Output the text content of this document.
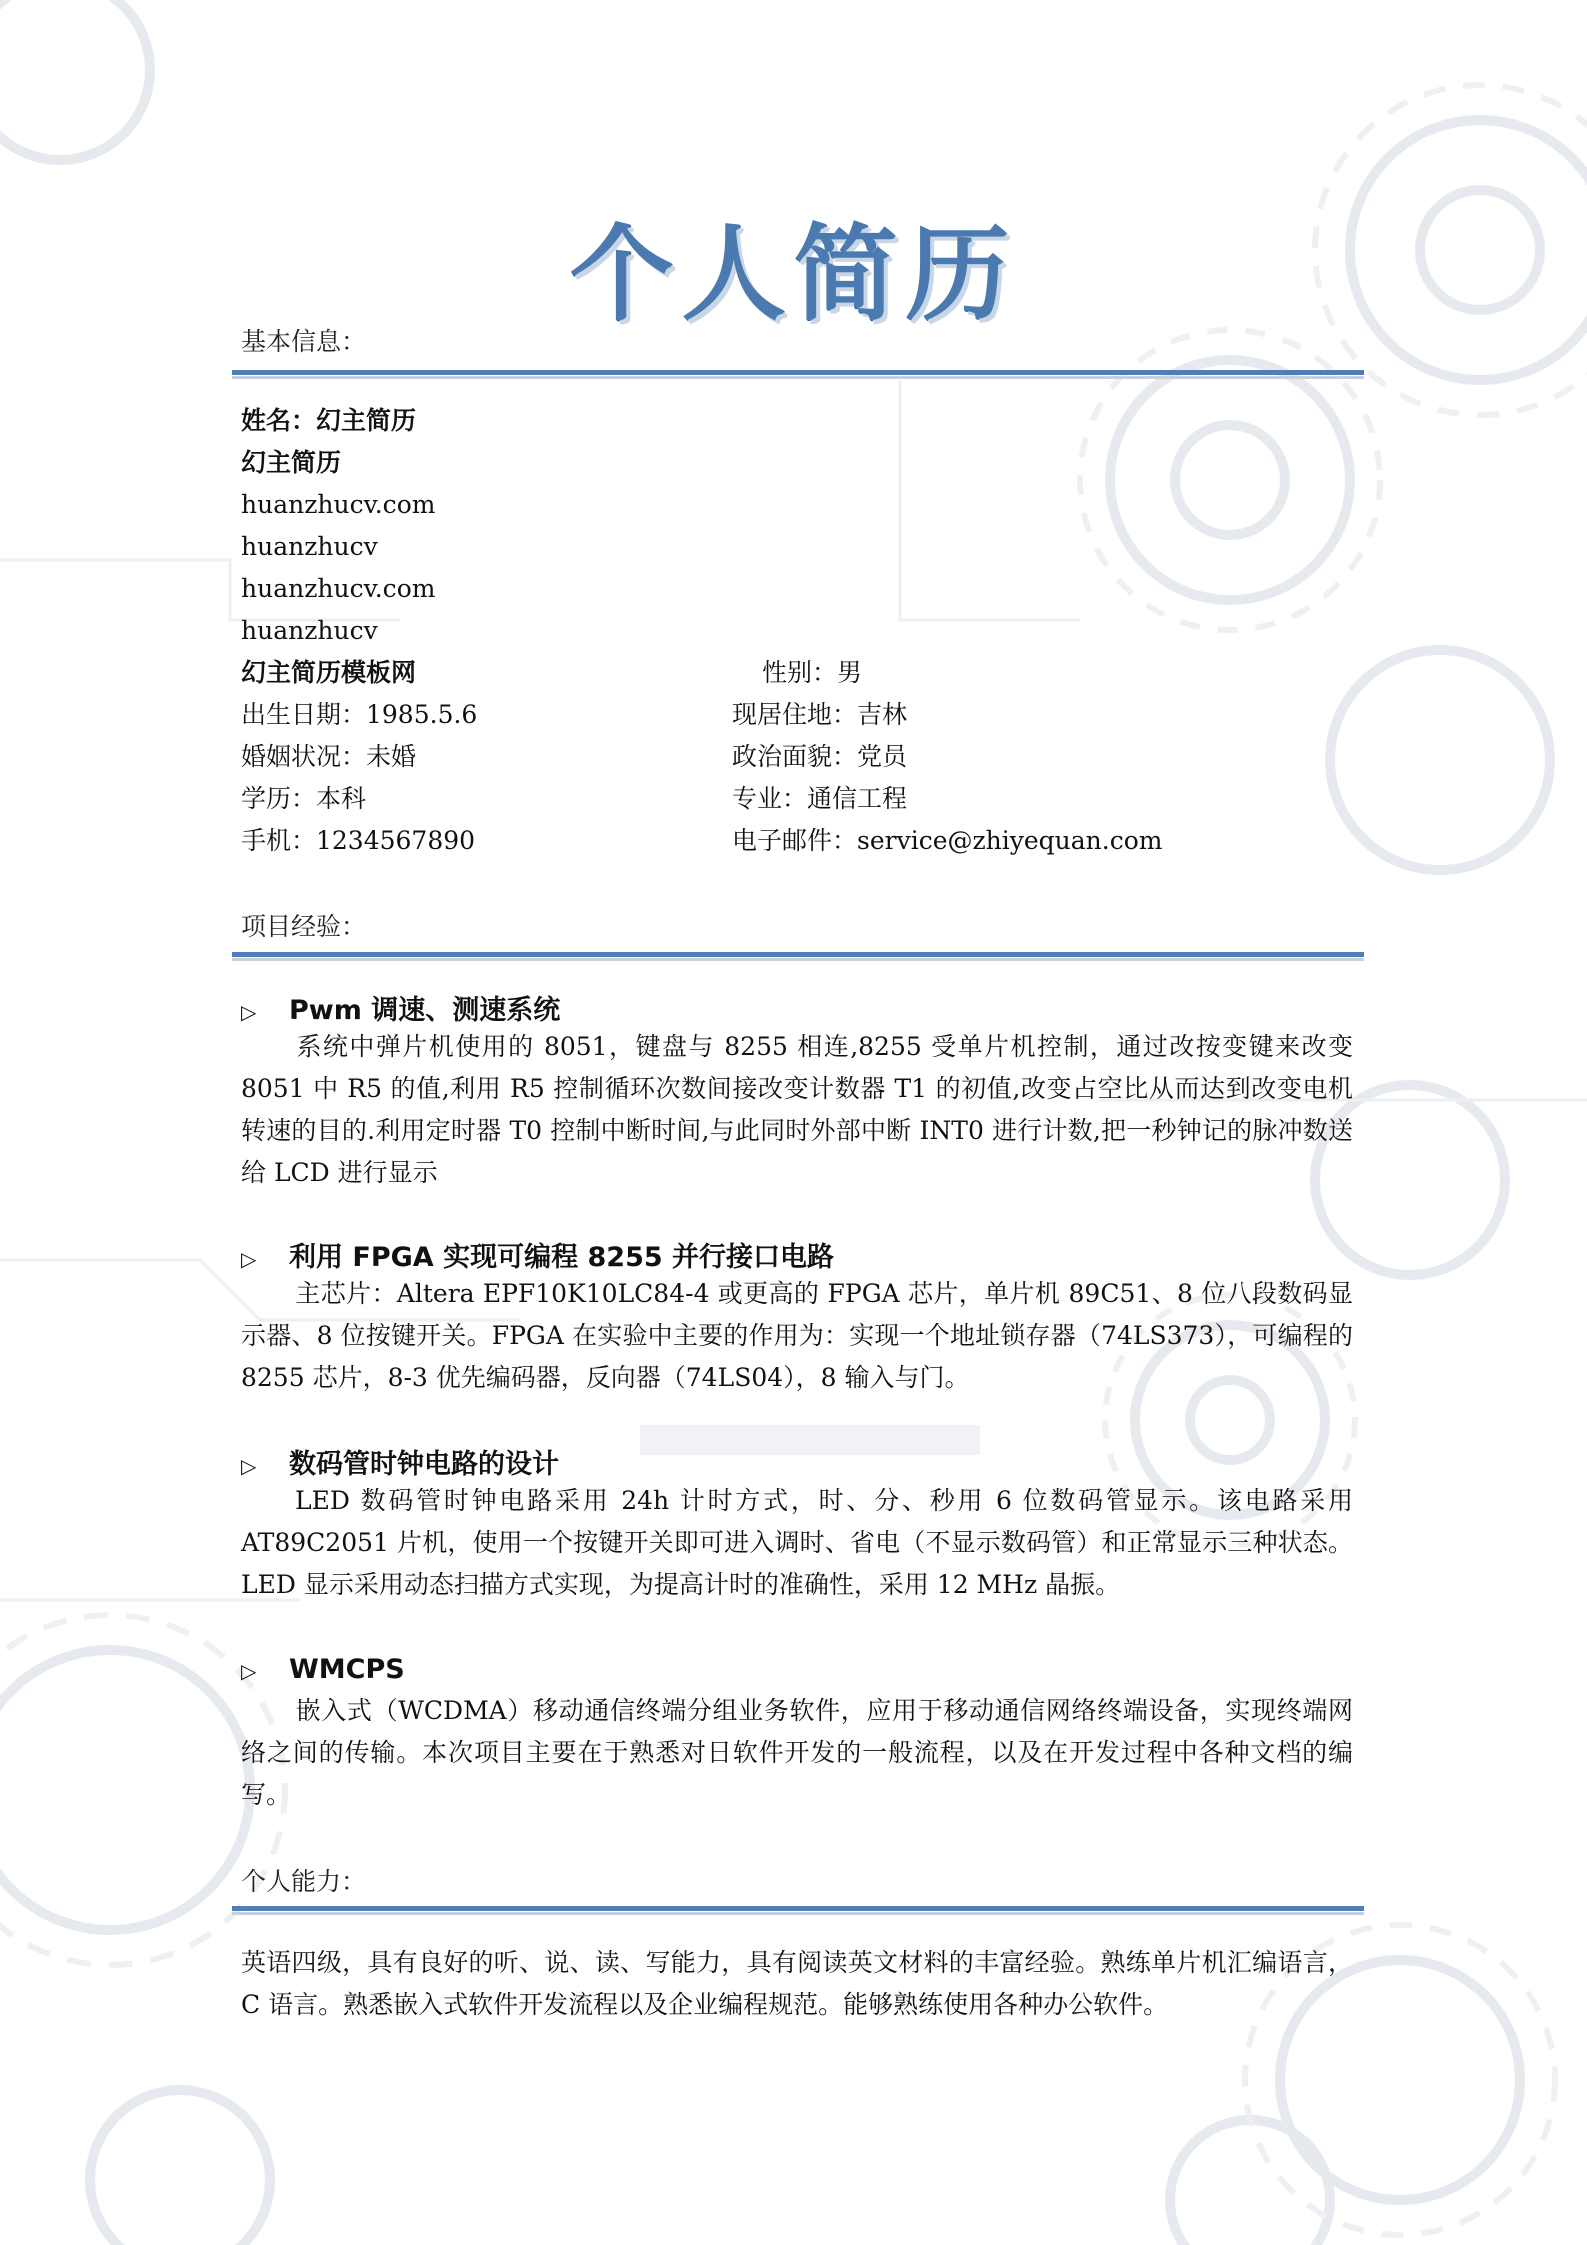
个人简历
基本信息：
姓名：幻主简历
幻主简历
huanzhucv.com
huanzhucv
huanzhucv.com
huanzhucv
幻主简历模板网	性别：男
出生日期：1985.5.6	现居住地：吉林
婚姻状况：未婚	政治面貌：党员
学历：本科	专业：通信工程
手机：1234567890	电子邮件：service@zhiyequan.com
项目经验：
▷ Pwm 调速、测速系统
系统中弹片机使用的 8051，键盘与 8255 相连,8255 受单片机控制，通过改按变键来改变 8051 中 R5 的值,利用 R5 控制循环次数间接改变计数器 T1 的初值,改变占空比从而达到改变电机转速的目的.利用定时器 T0 控制中断时间,与此同时外部中断 INT0 进行计数,把一秒钟记的脉冲数送给 LCD 进行显示
▷ 利用 FPGA 实现可编程 8255 并行接口电路
主芯片：Altera EPF10K10LC84-4 或更高的 FPGA 芯片，单片机 89C51、8 位八段数码显示器、8 位按键开关。FPGA 在实验中主要的作用为：实现一个地址锁存器（74LS373），可编程的 8255 芯片，8-3 优先编码器，反向器（74LS04），8 输入与门。
▷ 数码管时钟电路的设计
LED 数码管时钟电路采用 24h 计时方式，时、分、秒用 6 位数码管显示。该电路采用 AT89C2051 片机，使用一个按键开关即可进入调时、省电（不显示数码管）和正常显示三种状态。LED 显示采用动态扫描方式实现，为提高计时的准确性，采用 12 MHz 晶振。
▷ WMCPS
嵌入式（WCDMA）移动通信终端分组业务软件，应用于移动通信网络终端设备，实现终端网络之间的传输。本次项目主要在于熟悉对日软件开发的一般流程，以及在开发过程中各种文档的编写。
个人能力：
英语四级，具有良好的听、说、读、写能力，具有阅读英文材料的丰富经验。熟练单片机汇编语言，C 语言。熟悉嵌入式软件开发流程以及企业编程规范。能够熟练使用各种办公软件。
